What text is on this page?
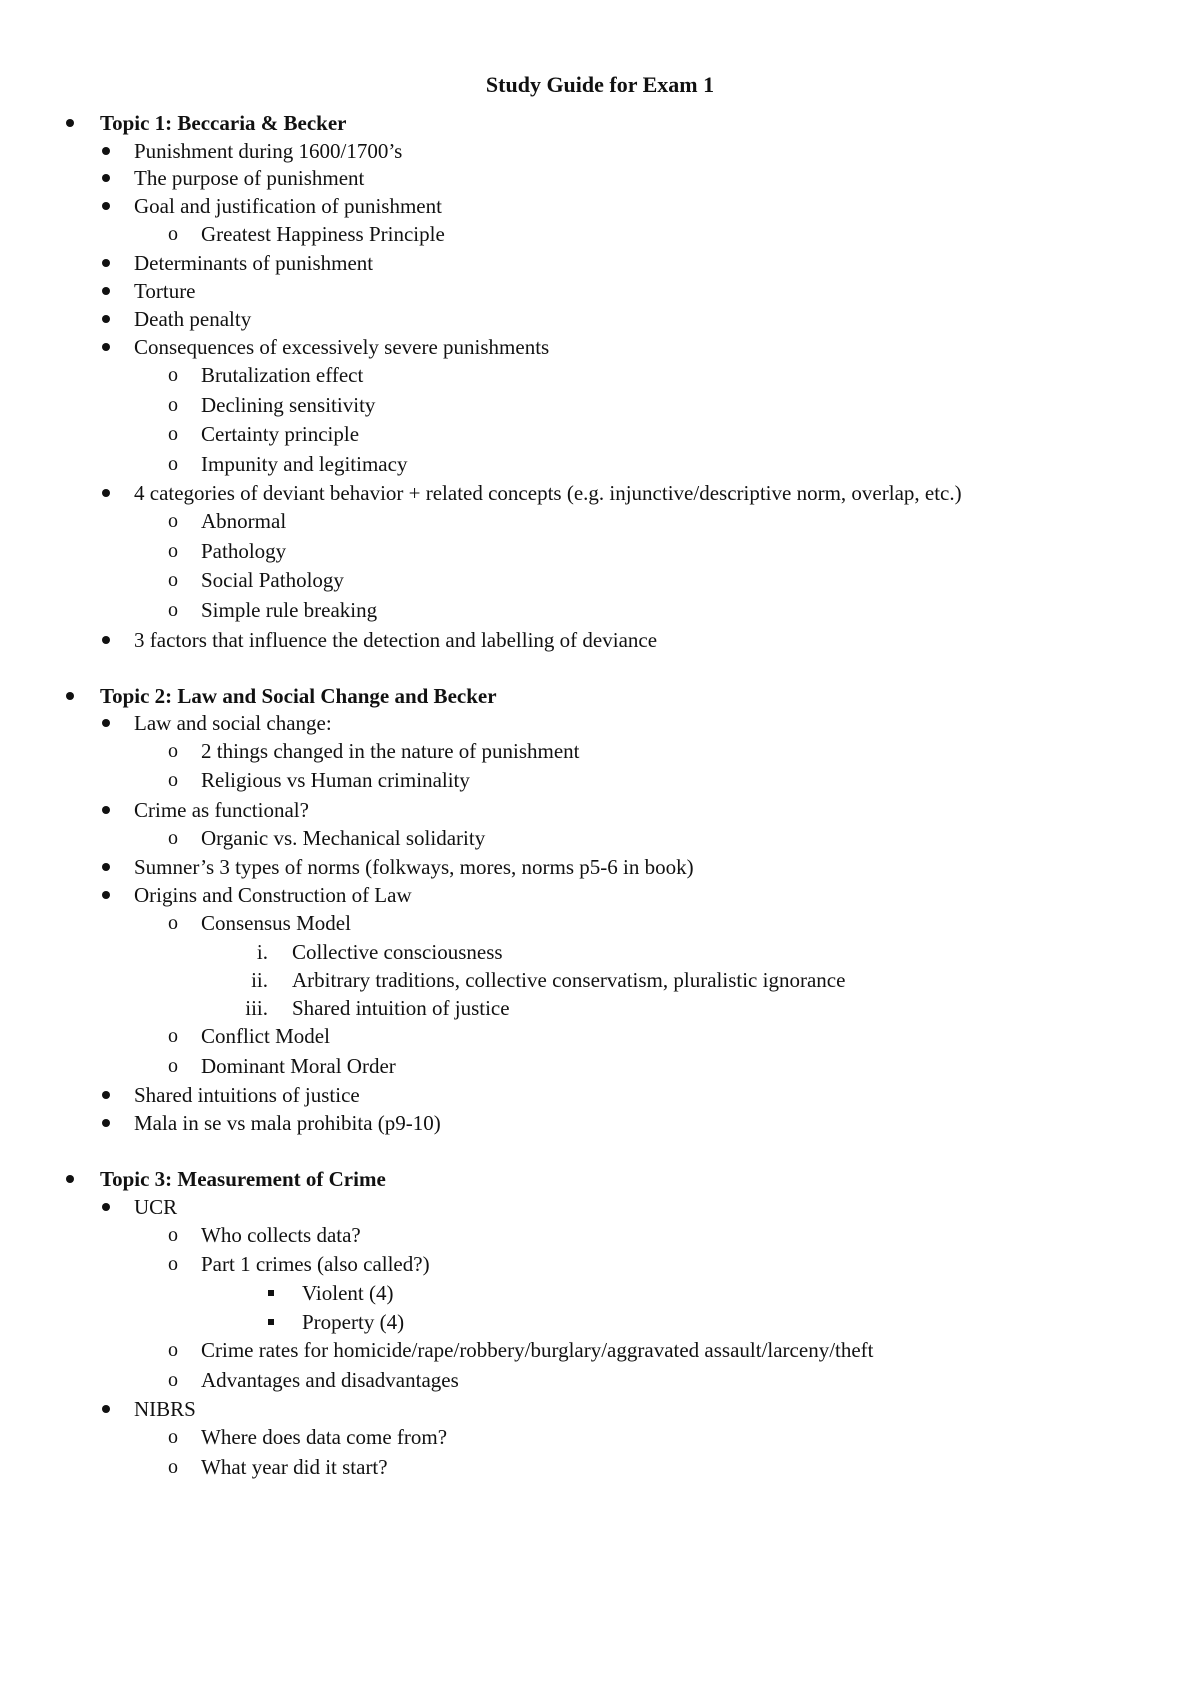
Study Guide for Exam 1
Topic 1: Beccaria & Becker
Punishment during 1600/1700’s
The purpose of punishment
Goal and justification of punishment
o Greatest Happiness Principle
Determinants of punishment
Torture
Death penalty
Consequences of excessively severe punishments
o Brutalization effect
o Declining sensitivity
o Certainty principle
o Impunity and legitimacy
4 categories of deviant behavior + related concepts (e.g. injunctive/descriptive norm, overlap, etc.)
o Abnormal
o Pathology
o Social Pathology
o Simple rule breaking
3 factors that influence the detection and labelling of deviance
Topic 2: Law and Social Change and Becker
Law and social change:
o 2 things changed in the nature of punishment
o Religious vs Human criminality
Crime as functional?
o Organic vs. Mechanical solidarity
Sumner’s 3 types of norms (folkways, mores, norms p5-6 in book)
Origins and Construction of Law
o Consensus Model
i. Collective consciousness
ii. Arbitrary traditions, collective conservatism, pluralistic ignorance
iii. Shared intuition of justice
o Conflict Model
o Dominant Moral Order
Shared intuitions of justice
Mala in se vs mala prohibita (p9-10)
Topic 3: Measurement of Crime
UCR
o Who collects data?
o Part 1 crimes (also called?)
Violent (4)
Property (4)
o Crime rates for homicide/rape/robbery/burglary/aggravated assault/larceny/theft
o Advantages and disadvantages
NIBRS
o Where does data come from?
o What year did it start?
